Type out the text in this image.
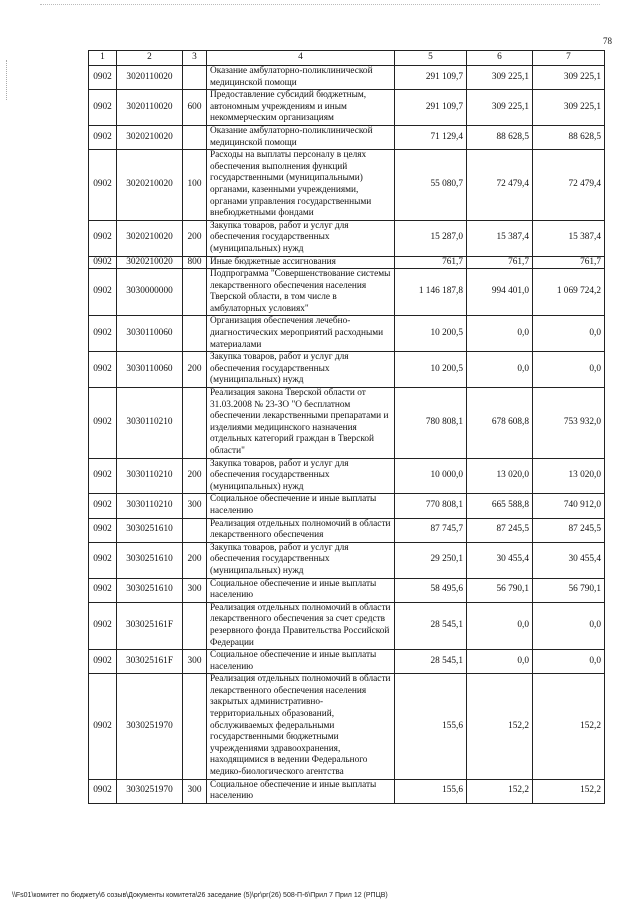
78
1	2	3	4	5	6	7
0902	3020110020		Оказание амбулаторно-поликлинической медицинской помощи	291 109,7	309 225,1	309 225,1
0902	3020110020	600	Предоставление субсидий бюджетным, автономным учреждениям и иным некоммерческим организациям	291 109,7	309 225,1	309 225,1
0902	3020210020		Оказание амбулаторно-поликлинической медицинской помощи	71 129,4	88 628,5	88 628,5
0902	3020210020	100	Расходы на выплаты персоналу в целях обеспечения выполнения функций государственными (муниципальными) органами, казенными учреждениями, органами управления государственными внебюджетными фондами	55 080,7	72 479,4	72 479,4
0902	3020210020	200	Закупка товаров, работ и услуг для обеспечения государственных (муниципальных) нужд	15 287,0	15 387,4	15 387,4
0902	3020210020	800	Иные бюджетные ассигнования	761,7	761,7	761,7
0902	3030000000		Подпрограмма "Совершенствование системы лекарственного обеспечения населения Тверской области, в том числе в амбулаторных условиях"	1 146 187,8	994 401,0	1 069 724,2
0902	3030110060		Организация обеспечения лечебно-диагностических мероприятий расходными материалами	10 200,5	0,0	0,0
0902	3030110060	200	Закупка товаров, работ и услуг для обеспечения государственных (муниципальных) нужд	10 200,5	0,0	0,0
0902	3030110210		Реализация закона Тверской области от 31.03.2008 № 23-ЗО "О бесплатном обеспечении лекарственными препаратами и изделиями медицинского назначения отдельных категорий граждан в Тверской области"	780 808,1	678 608,8	753 932,0
0902	3030110210	200	Закупка товаров, работ и услуг для обеспечения государственных (муниципальных) нужд	10 000,0	13 020,0	13 020,0
0902	3030110210	300	Социальное обеспечение и иные выплаты населению	770 808,1	665 588,8	740 912,0
0902	3030251610		Реализация отдельных полномочий в области лекарственного обеспечения	87 745,7	87 245,5	87 245,5
0902	3030251610	200	Закупка товаров, работ и услуг для обеспечения государственных (муниципальных) нужд	29 250,1	30 455,4	30 455,4
0902	3030251610	300	Социальное обеспечение и иные выплаты населению	58 495,6	56 790,1	56 790,1
0902	303025161F		Реализация отдельных полномочий в области лекарственного обеспечения за счет средств резервного фонда Правительства Российской Федерации	28 545,1	0,0	0,0
0902	303025161F	300	Социальное обеспечение и иные выплаты населению	28 545,1	0,0	0,0
0902	3030251970		Реализация отдельных полномочий в области лекарственного обеспечения населения закрытых административно-территориальных образований, обслуживаемых федеральными государственными бюджетными учреждениями здравоохранения, находящимися в ведении Федерального медико-биологического агентства	155,6	152,2	152,2
0902	3030251970	300	Социальное обеспечение и иные выплаты населению	155,6	152,2	152,2
\\Fs01\комитет по бюджету\6 созыв\Документы комитета\26 заседание (5)\рг\рг(26) 508-П-6\Прил 7 Прил 12 (РПЦВ)
